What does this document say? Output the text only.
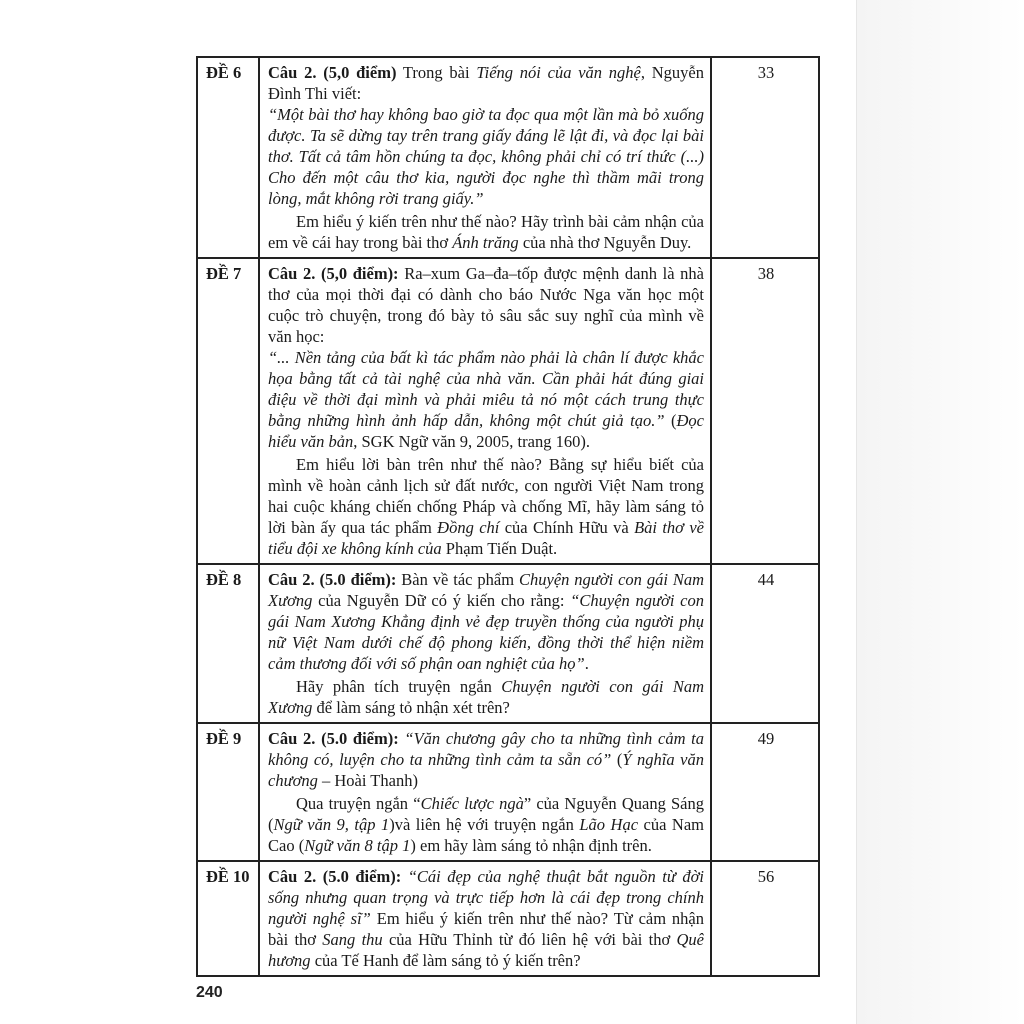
ĐỀ 6	Câu 2. (5,0 điểm) Trong bài Tiếng nói của văn nghệ, Nguyễn Đình Thi viết:

“Một bài thơ hay không bao giờ ta đọc qua một lần mà bỏ xuống được. Ta sẽ dừng tay trên trang giấy đáng lẽ lật đi, và đọc lại bài thơ. Tất cả tâm hồn chúng ta đọc, không phải chỉ có trí thức (...) Cho đến một câu thơ kia, người đọc nghe thì thầm mãi trong lòng, mắt không rời trang giấy.”

Em hiểu ý kiến trên như thế nào? Hãy trình bài cảm nhận của em về cái hay trong bài thơ Ánh trăng của nhà thơ Nguyễn Duy.	33
ĐỀ 7	Câu 2. (5,0 điểm): Ra–xum Ga–đa–tốp được mệnh danh là nhà thơ của mọi thời đại có dành cho báo Nước Nga văn học một cuộc trò chuyện, trong đó bày tỏ sâu sắc suy nghĩ của mình về văn học:

“... Nền tảng của bất kì tác phẩm nào phải là chân lí được khắc họa bằng tất cả tài nghệ của nhà văn. Cần phải hát đúng giai điệu về thời đại mình và phải miêu tả nó một cách trung thực bằng những hình ảnh hấp dẫn, không một chút giả tạo.” (Đọc hiểu văn bản, SGK Ngữ văn 9, 2005, trang 160).

Em hiểu lời bàn trên như thế nào? Bằng sự hiểu biết của mình về hoàn cảnh lịch sử đất nước, con người Việt Nam trong hai cuộc kháng chiến chống Pháp và chống Mĩ, hãy làm sáng tỏ lời bàn ấy qua tác phẩm Đồng chí của Chính Hữu và Bài thơ về tiểu đội xe không kính của Phạm Tiến Duật.	38
ĐỀ 8	Câu 2. (5.0 điểm): Bàn về tác phẩm Chuyện người con gái Nam Xương của Nguyễn Dữ có ý kiến cho rằng: “Chuyện người con gái Nam Xương Khẳng định vẻ đẹp truyền thống của người phụ nữ Việt Nam dưới chế độ phong kiến, đồng thời thể hiện niềm cảm thương đối với số phận oan nghiệt của họ”.

Hãy phân tích truyện ngắn Chuyện người con gái Nam Xương để làm sáng tỏ nhận xét trên?	44
ĐỀ 9	Câu 2. (5.0 điểm): “Văn chương gây cho ta những tình cảm ta không có, luyện cho ta những tình cảm ta sẵn có” (Ý nghĩa văn chương – Hoài Thanh)

Qua truyện ngắn “Chiếc lược ngà” của Nguyễn Quang Sáng (Ngữ văn 9, tập 1)và liên hệ với truyện ngắn Lão Hạc của Nam Cao (Ngữ văn 8 tập 1) em hãy làm sáng tỏ nhận định trên.	49
ĐỀ 10	Câu 2. (5.0 điểm): “Cái đẹp của nghệ thuật bắt nguồn từ đời sống nhưng quan trọng và trực tiếp hơn là cái đẹp trong chính người nghệ sĩ” Em hiểu ý kiến trên như thế nào? Từ cảm nhận bài thơ Sang thu của Hữu Thỉnh từ đó liên hệ với bài thơ Quê hương của Tế Hanh để làm sáng tỏ ý kiến trên?	56
240
